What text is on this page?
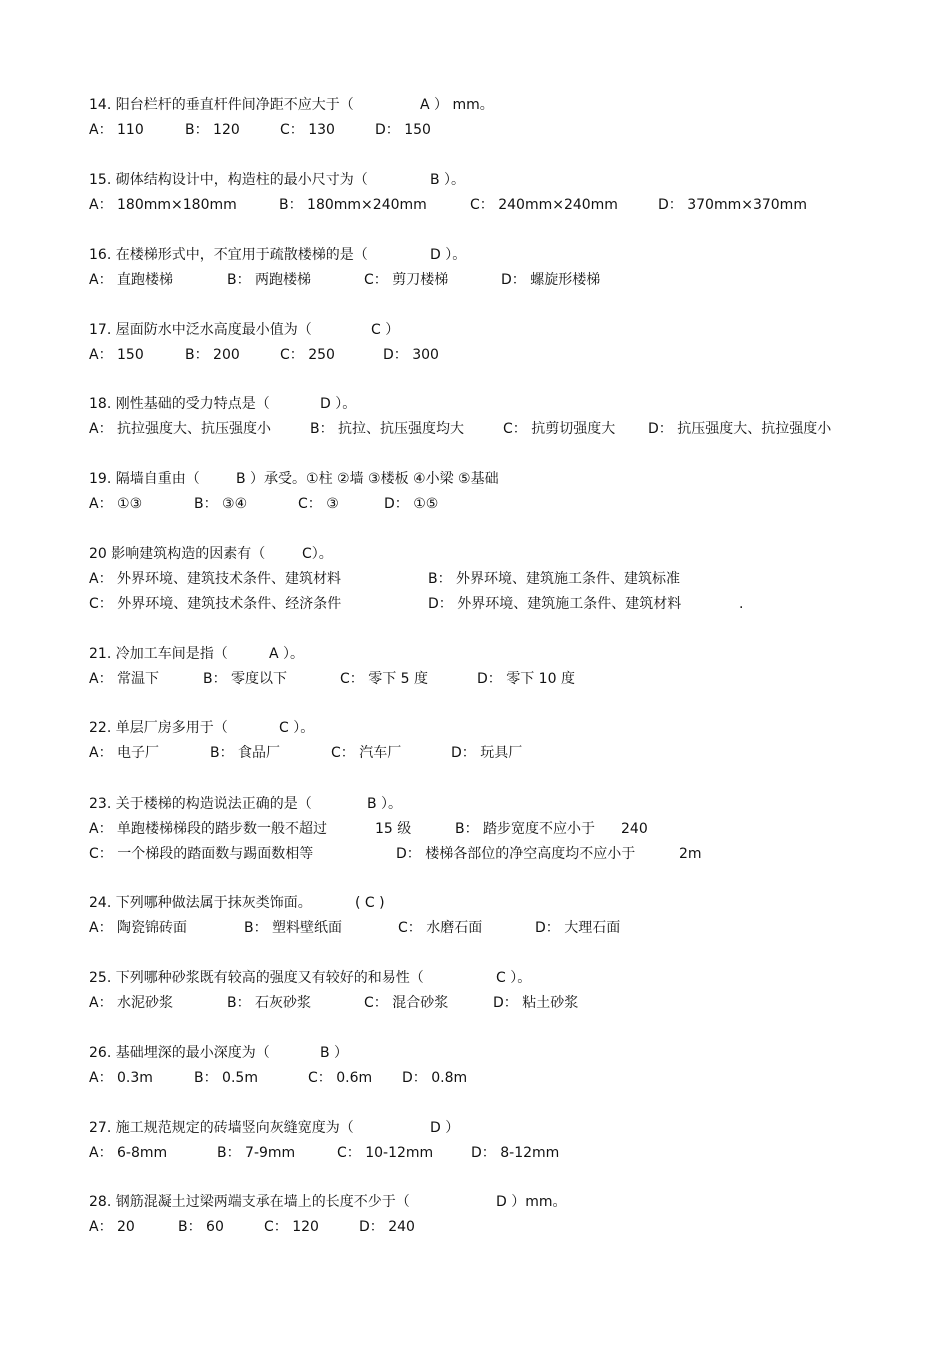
14. 阳台栏杆的垂直杆件间净距不应大于（	A ） mm。
A： 110	B： 120	C： 130	D： 150
15. 砌体结构设计中，构造柱的最小尺寸为（	B ）。
A： 180mm×180mm	B： 180mm×240mm	C： 240mm×240mm	D： 370mm×370mm
16. 在楼梯形式中，不宜用于疏散楼梯的是（	D ）。
A： 直跑楼梯	B： 两跑楼梯	C： 剪刀楼梯	D： 螺旋形楼梯
17. 屋面防水中泛水高度最小值为（	C ）
A： 150	B： 200	C： 250	D： 300
18. 刚性基础的受力特点是（	D ）。
A： 抗拉强度大、抗压强度小	B： 抗拉、抗压强度均大	C： 抗剪切强度大 D： 抗压强度大、抗拉强度小
19. 隔墙自重由（	B ）承受。①柱 ②墙 ③楼板 ④小梁 ⑤基础
A： ①③	B： ③④	C： ③	D： ①⑤
20 影响建筑构造的因素有（	C）。
A： 外界环境、建筑技术条件、建筑材料	B： 外界环境、建筑施工条件、建筑标准
C： 外界环境、建筑技术条件、经济条件	D： 外界环境、建筑施工条件、建筑材料	.
21. 冷加工车间是指（	A ）。
A： 常温下	B： 零度以下	C： 零下 5 度	D： 零下 10 度
22. 单层厂房多用于（	C ）。
A： 电子厂	B： 食品厂	C： 汽车厂	D： 玩具厂
23. 关于楼梯的构造说法正确的是（	B ）。
A： 单跑楼梯梯段的踏步数一般不超过	15 级	B： 踏步宽度不应小于 240
C： 一个梯段的踏面数与踢面数相等	D： 楼梯各部位的净空高度均不应小于	2m
24. 下列哪种做法属于抹灰类饰面。	( C )
A： 陶瓷锦砖面	B： 塑料壁纸面	C： 水磨石面	D： 大理石面
25. 下列哪种砂浆既有较高的强度又有较好的和易性（	C ）。
A： 水泥砂浆	B： 石灰砂浆	C： 混合砂浆	D： 粘土砂浆
26. 基础埋深的最小深度为（	B ）
A： 0.3m	B： 0.5m	C： 0.6m D： 0.8m
27. 施工规范规定的砖墙竖向灰缝宽度为（	D ）
A： 6-8mm	B： 7-9mm	C： 10-12mm	D： 8-12mm
28. 钢筋混凝土过梁两端支承在墙上的长度不少于（	D ）mm。
A： 20	B： 60	C： 120	D： 240
